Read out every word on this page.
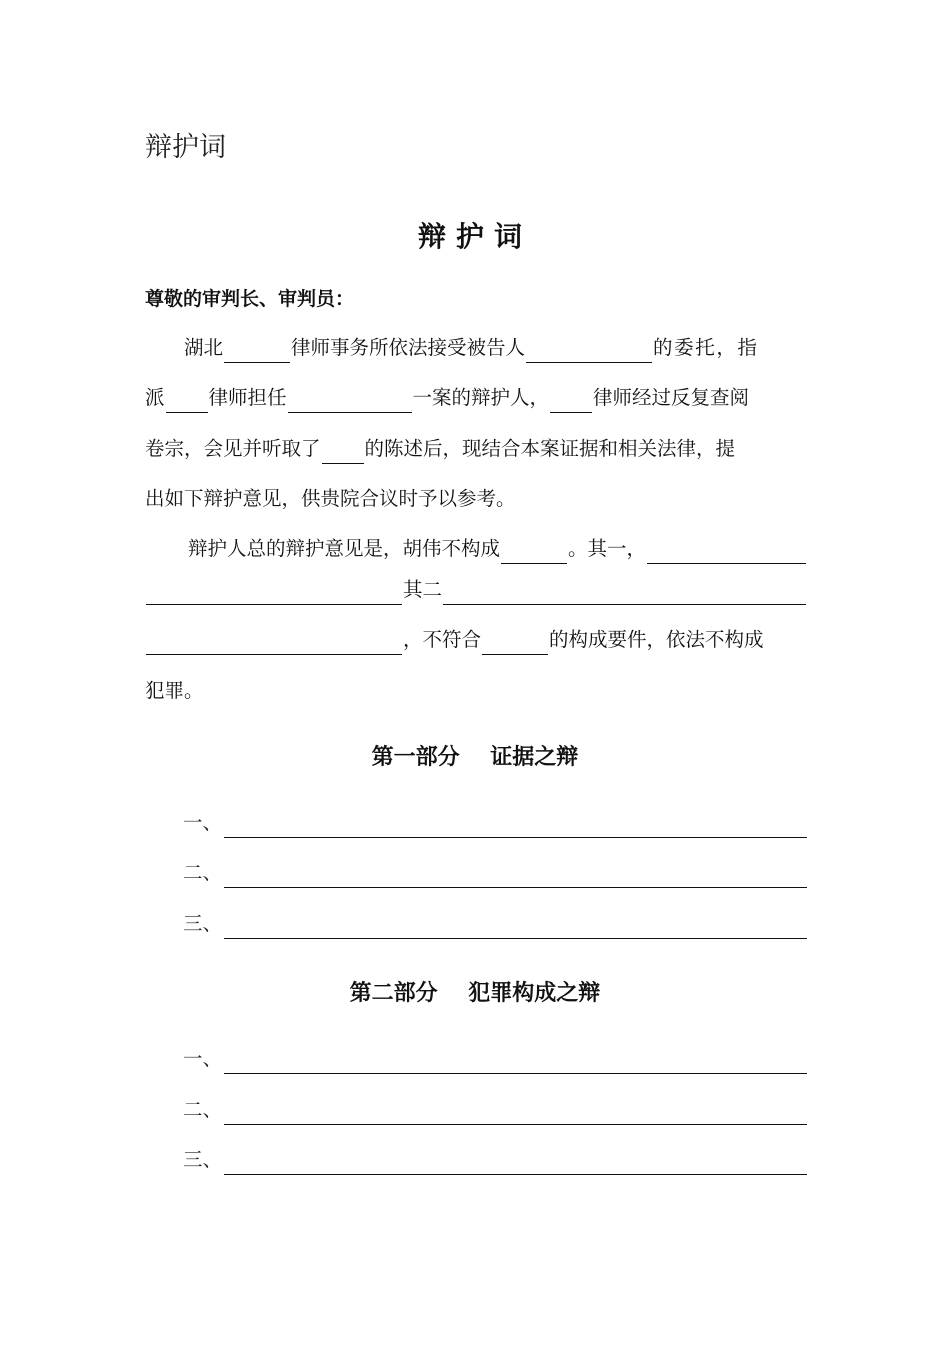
辩护词
辩护词
尊敬的审判长、审判员：
湖北	律师事务所依法接受被告人	的委托，指
派 律师担任	一案的辩护人， 律师经过反复查阅
卷宗，会见并听取了 的陈述后，现结合本案证据和相关法律，提
出如下辩护意见，供贵院合议时予以参考。
辩护人总的辩护意见是，胡伟不构成	。其一，
其二
，不符合	的构成要件，依法不构成
犯罪。
第一部分    证据之辩
一、
二、
三、
第二部分    犯罪构成之辩
一、
二、
三、
